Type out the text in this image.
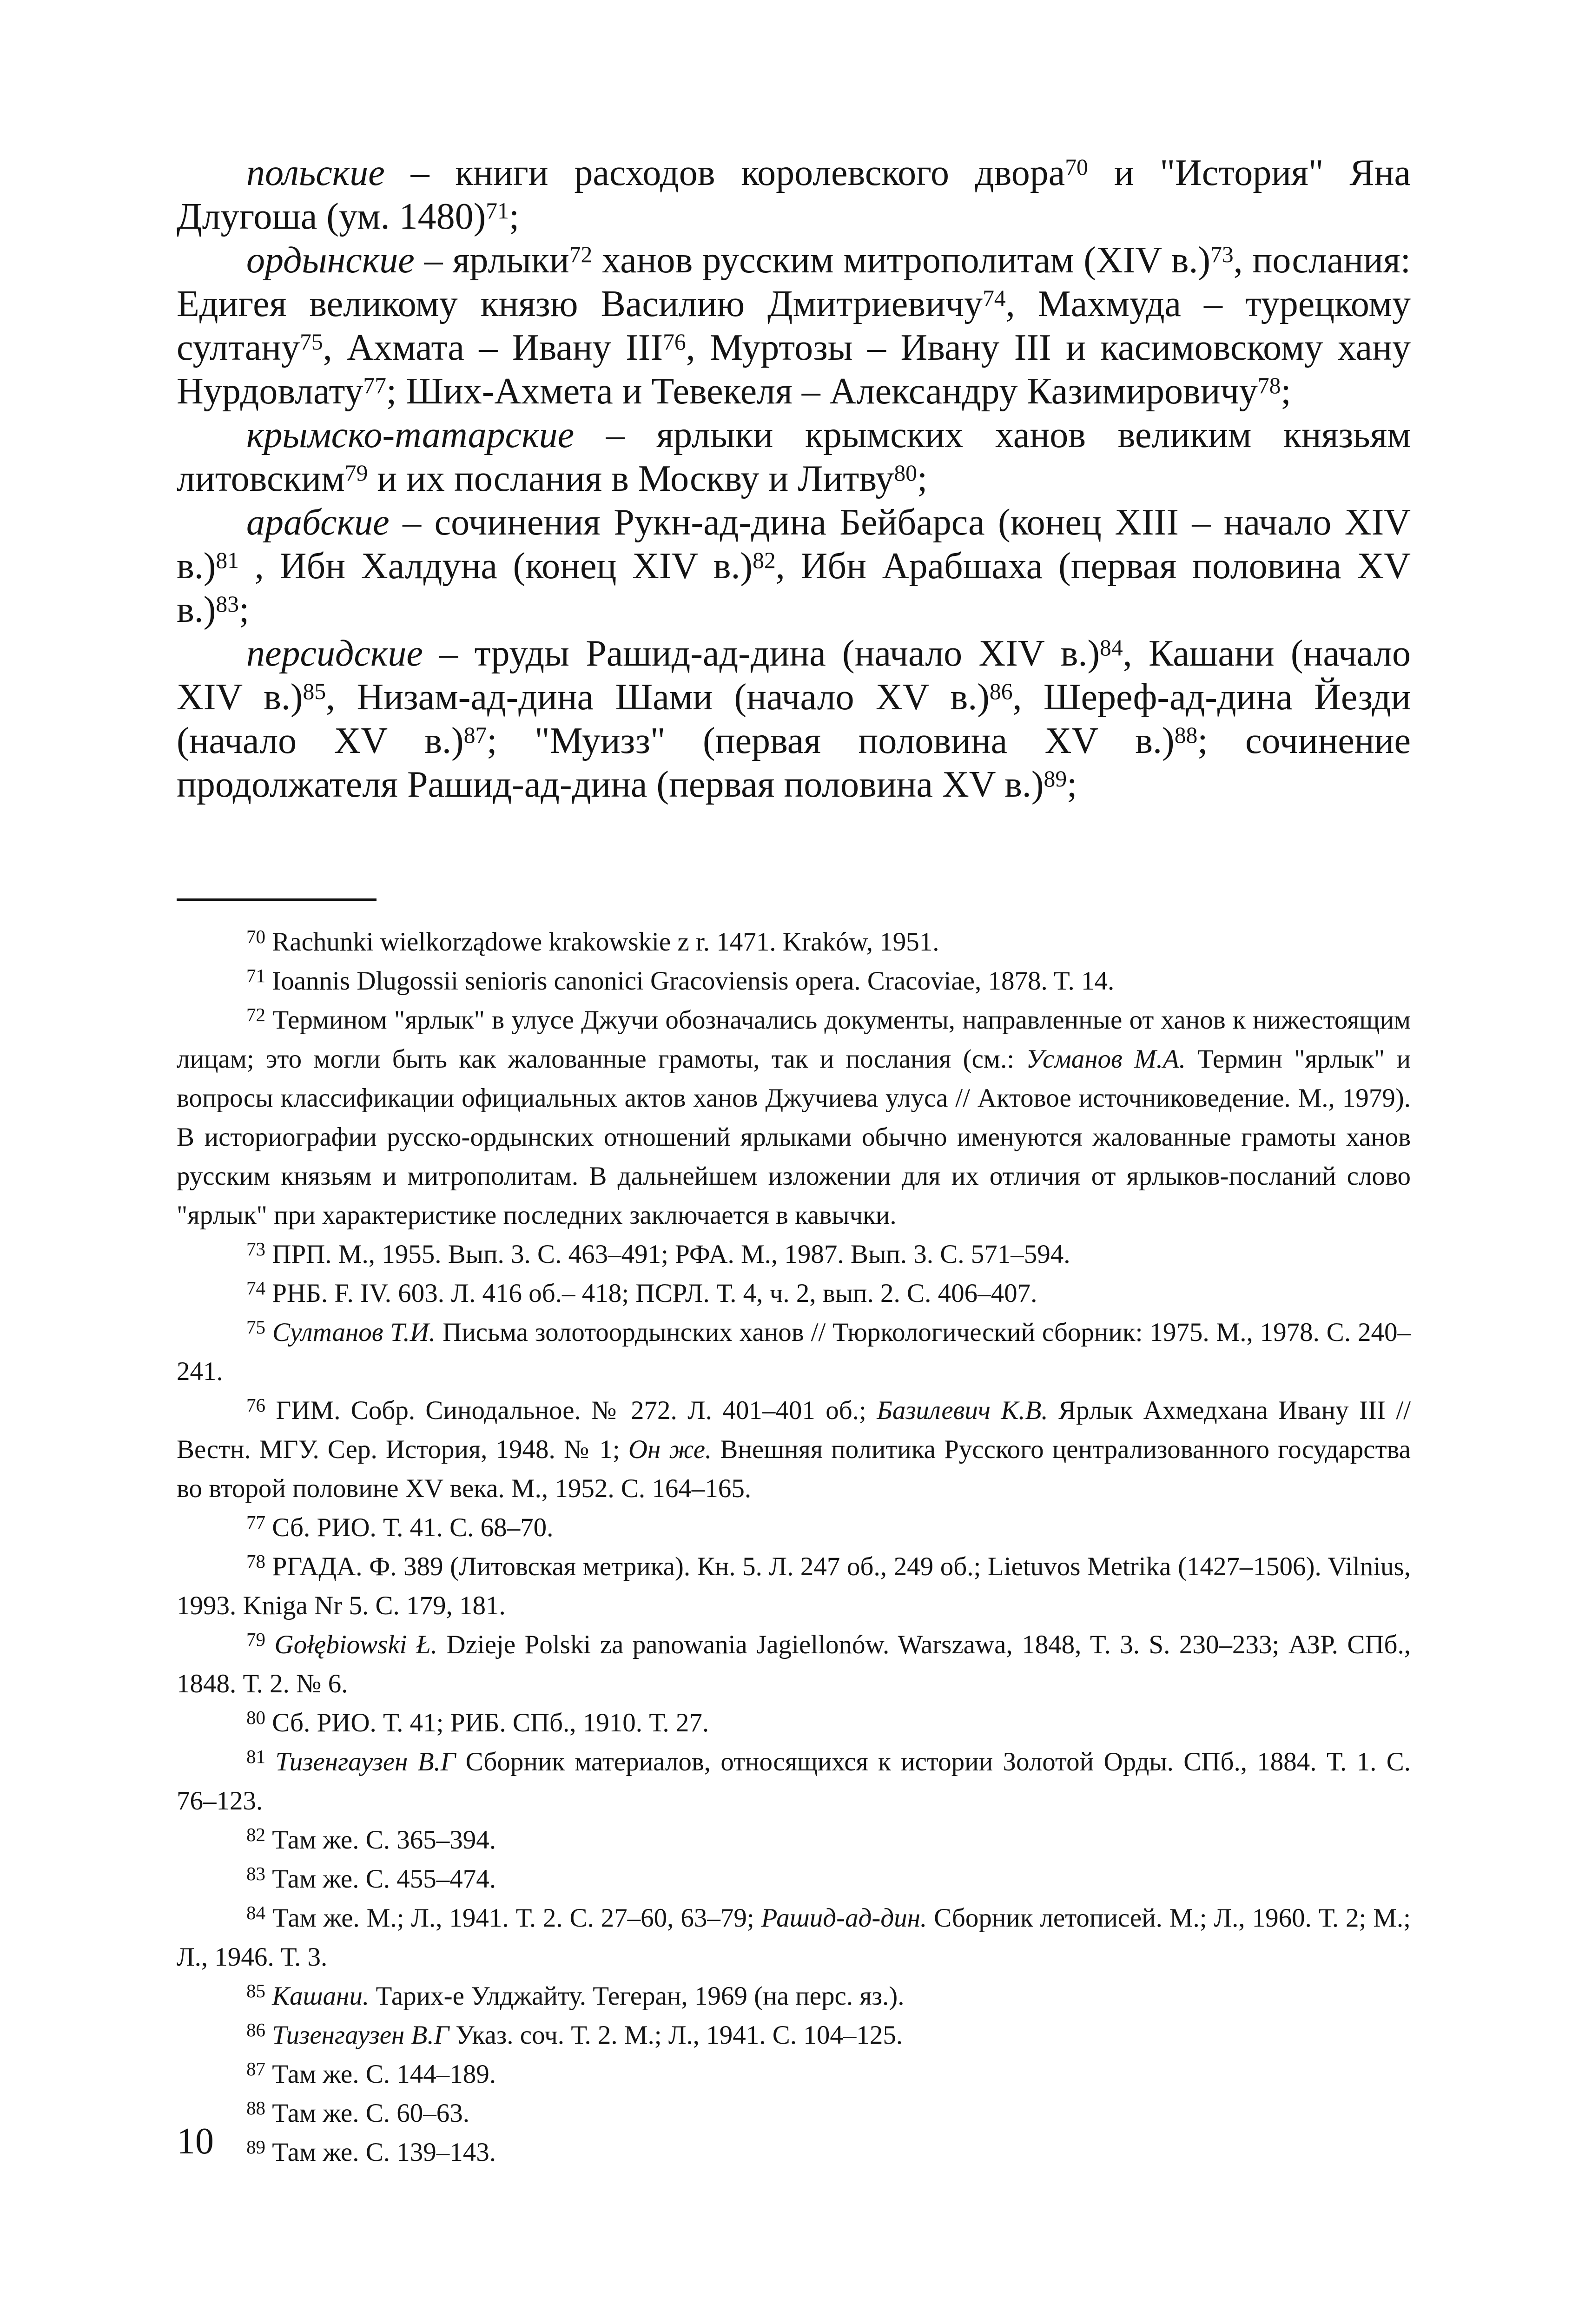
польские – книги расходов королевского двора$^{70}$ и "История" Яна Длугоша (ум. 1480)$^{71}$;

ордынские – ярлыки$^{72}$ ханов русским митрополитам (XIV в.)$^{73}$, послания: Едигея великому князю Василию Дмитриевичу$^{74}$, Махмуда – турецкому султану$^{75}$, Ахмата – Ивану III$^{76}$, Муртозы – Ивану III и касимовскому хану Нурдовлату$^{77}$; Ших-Ахмета и Тевекеля – Александру Казимировичу$^{78}$;

крымско-татарские – ярлыки крымских ханов великим князьям литовским$^{79}$ и их послания в Москву и Литву$^{80}$;

арабские – сочинения Рукн-ад-дина Бейбарса (конец XIII – начало XIV в.)$^{81}$ , Ибн Халдуна (конец XIV в.)$^{82}$, Ибн Арабшаха (первая половина XV в.)$^{83}$;

персидские – труды Рашид-ад-дина (начало XIV в.)$^{84}$, Кашани (начало XIV в.)$^{85}$, Низам-ад-дина Шами (начало XV в.)$^{86}$, Шереф-ад-дина Йезди (начало XV в.)$^{87}$; "Муизз" (первая половина XV в.)$^{88}$; сочинение продолжателя Рашид-ад-дина (первая половина XV в.)$^{89}$;

$^{70}$ Rachunki wielkorządowe krakowskie z r. 1471. Kraków, 1951.

$^{71}$ Ioannis Dlugossii senioris canonici Gracoviensis opera. Cracoviae, 1878. T. 14.

$^{72}$ Термином "ярлык" в улусе Джучи обозначались документы, направленные от ханов к нижестоящим лицам; это могли быть как жалованные грамоты, так и послания (см.: Усманов М.А. Термин "ярлык" и вопросы классификации официальных актов ханов Джучиева улуса // Актовое источниковедение. М., 1979). В историографии русско-ордынских отношений ярлыками обычно именуются жалованные грамоты ханов русским князьям и митрополитам. В дальнейшем изложении для их отличия от ярлыков-посланий слово "ярлык" при характеристике последних заключается в кавычки.

$^{73}$ ПРП. М., 1955. Вып. 3. С. 463–491; РФА. М., 1987. Вып. 3. С. 571–594.

$^{74}$ РНБ. F. IV. 603. Л. 416 об.– 418; ПСРЛ. Т. 4, ч. 2, вып. 2. С. 406–407.

$^{75}$ Султанов Т.И. Письма золотоордынских ханов // Тюркологический сборник: 1975. М., 1978. С. 240–241.

$^{76}$ ГИМ. Собр. Синодальное. № 272. Л. 401–401 об.; Базилевич К.В. Ярлык Ахмедхана Ивану III // Вестн. МГУ. Сер. История, 1948. № 1; Он же. Внешняя политика Русского централизованного государства во второй половине XV века. М., 1952. С. 164–165.

$^{77}$ Сб. РИО. Т. 41. С. 68–70.

$^{78}$ РГАДА. Ф. 389 (Литовская метрика). Кн. 5. Л. 247 об., 249 об.; Lietuvos Metrika (1427–1506). Vilnius, 1993. Kniga Nr 5. C. 179, 181.

$^{79}$ Gołębiowski Ł. Dzieje Polski za panowania Jagiellonów. Warszawa, 1848, T. 3. S. 230–233; АЗР. СПб., 1848. Т. 2. № 6.

$^{80}$ Сб. РИО. Т. 41; РИБ. СПб., 1910. Т. 27.

$^{81}$ Тизенгаузен В.Г Сборник материалов, относящихся к истории Золотой Орды. СПб., 1884. Т. 1. С. 76–123.

$^{82}$ Там же. С. 365–394.

$^{83}$ Там же. С. 455–474.

$^{84}$ Там же. М.; Л., 1941. Т. 2. С. 27–60, 63–79; Рашид-ад-дин. Сборник летописей. М.; Л., 1960. Т. 2; М.; Л., 1946. Т. 3.

$^{85}$ Кашани. Тарих-е Улджайту. Тегеран, 1969 (на перс. яз.).

$^{86}$ Тизенгаузен В.Г Указ. соч. Т. 2. М.; Л., 1941. С. 104–125.

$^{87}$ Там же. С. 144–189.

$^{88}$ Там же. С. 60–63.

$^{89}$ Там же. С. 139–143.

10
